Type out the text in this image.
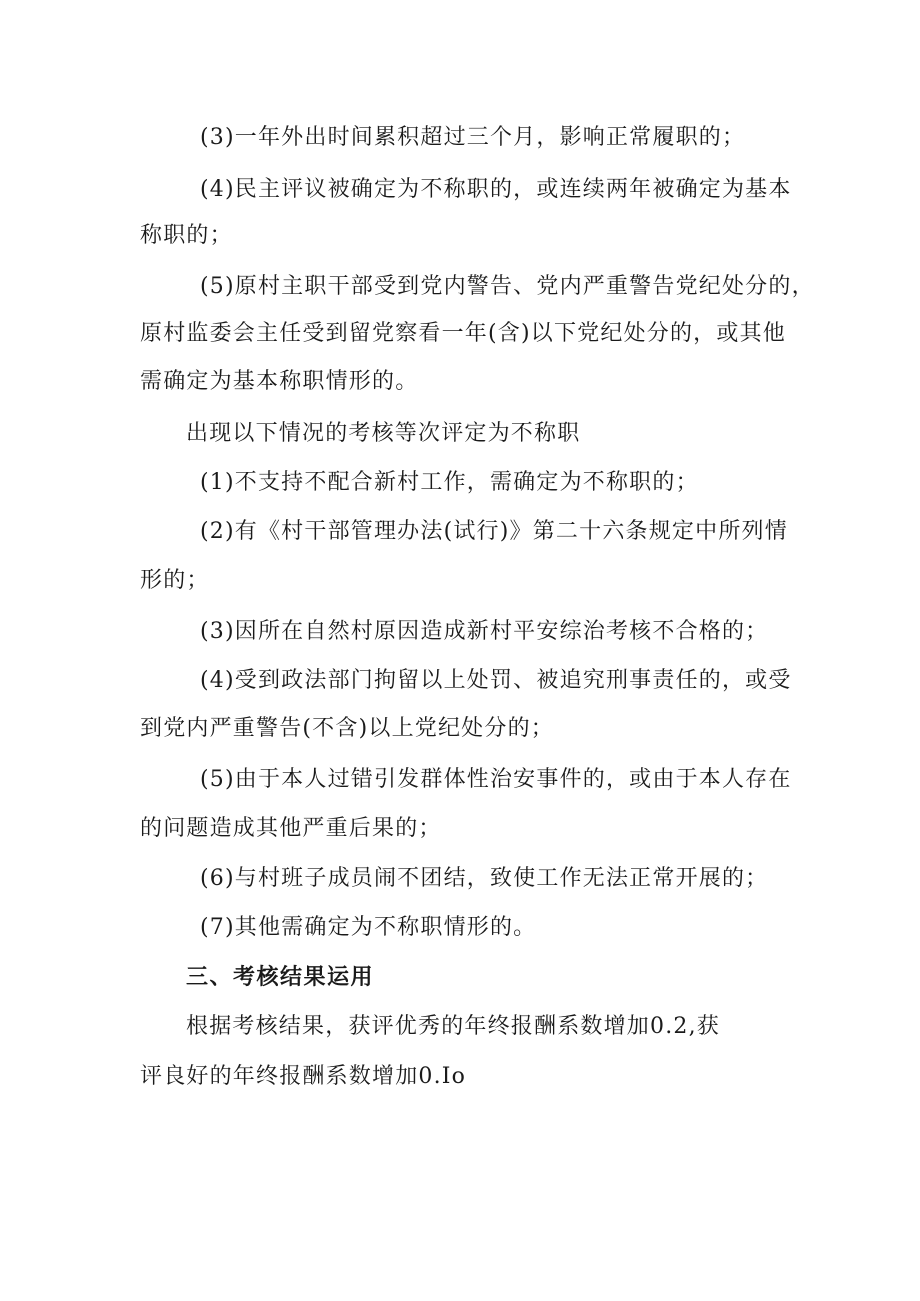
(3)一年外出时间累积超过三个月，影响正常履职的；
(4)民主评议被确定为不称职的，或连续两年被确定为基本
称职的；
(5)原村主职干部受到党内警告、党内严重警告党纪处分的，
原村监委会主任受到留党察看一年(含)以下党纪处分的，或其他
需确定为基本称职情形的。
出现以下情况的考核等次评定为不称职
(1)不支持不配合新村工作，需确定为不称职的；
(2)有《村干部管理办法(试行)》第二十六条规定中所列情
形的；
(3)因所在自然村原因造成新村平安综治考核不合格的；
(4)受到政法部门拘留以上处罚、被追究刑事责任的，或受
到党内严重警告(不含)以上党纪处分的；
(5)由于本人过错引发群体性治安事件的，或由于本人存在
的问题造成其他严重后果的；
(6)与村班子成员闹不团结，致使工作无法正常开展的；
(7)其他需确定为不称职情形的。
三、考核结果运用
根据考核结果，获评优秀的年终报酬系数增加0.2,获
评良好的年终报酬系数增加0.Io
